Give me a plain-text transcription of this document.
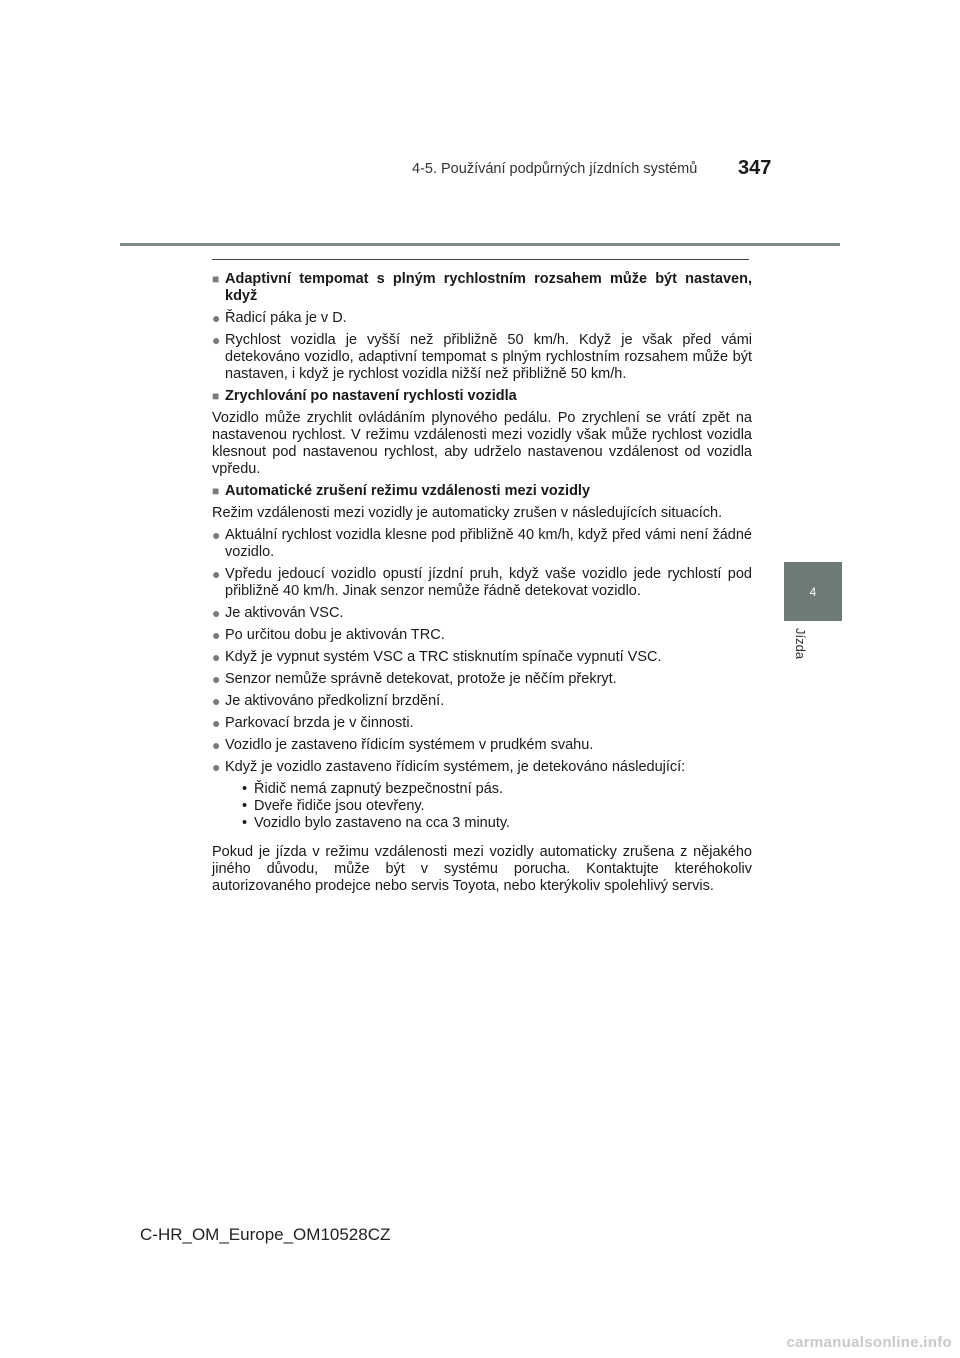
4-5. Používání podpůrných jízdních systémů 347
4
Jízda
■ Adaptivní tempomat s plným rychlostním rozsahem může být nastaven, když
● Řadicí páka je v D.
● Rychlost vozidla je vyšší než přibližně 50 km/h. Když je však před vámi detekováno vozidlo, adaptivní tempomat s plným rychlostním rozsahem může být nastaven, i když je rychlost vozidla nižší než přibližně 50 km/h.
■ Zrychlování po nastavení rychlosti vozidla

Vozidlo může zrychlit ovládáním plynového pedálu. Po zrychlení se vrátí zpět na nastavenou rychlost. V režimu vzdálenosti mezi vozidly však může rychlost vozidla klesnout pod nastavenou rychlost, aby udrželo nastavenou vzdálenost od vozidla vpředu.

■ Automatické zrušení režimu vzdálenosti mezi vozidly

Režim vzdálenosti mezi vozidly je automaticky zrušen v následujících situacích.

● Aktuální rychlost vozidla klesne pod přibližně 40 km/h, když před vámi není žádné vozidlo.
● Vpředu jedoucí vozidlo opustí jízdní pruh, když vaše vozidlo jede rychlostí pod přibližně 40 km/h. Jinak senzor nemůže řádně detekovat vozidlo.
● Je aktivován VSC.
● Po určitou dobu je aktivován TRC.
● Když je vypnut systém VSC a TRC stisknutím spínače vypnutí VSC.
● Senzor nemůže správně detekovat, protože je něčím překryt.
● Je aktivováno předkolizní brzdění.
● Parkovací brzda je v činnosti.
● Vozidlo je zastaveno řídicím systémem v prudkém svahu.
● Když je vozidlo zastaveno řídicím systémem, je detekováno následující:
• Řidič nemá zapnutý bezpečnostní pás.
• Dveře řidiče jsou otevřeny.
• Vozidlo bylo zastaveno na cca 3 minuty.

Pokud je jízda v režimu vzdálenosti mezi vozidly automaticky zrušena z nějakého jiného důvodu, může být v systému porucha. Kontaktujte kteréhokoliv autorizovaného prodejce nebo servis Toyota, nebo kterýkoliv spolehlivý servis.

C-HR_OM_Europe_OM10528CZ
carmanualsonline.info
